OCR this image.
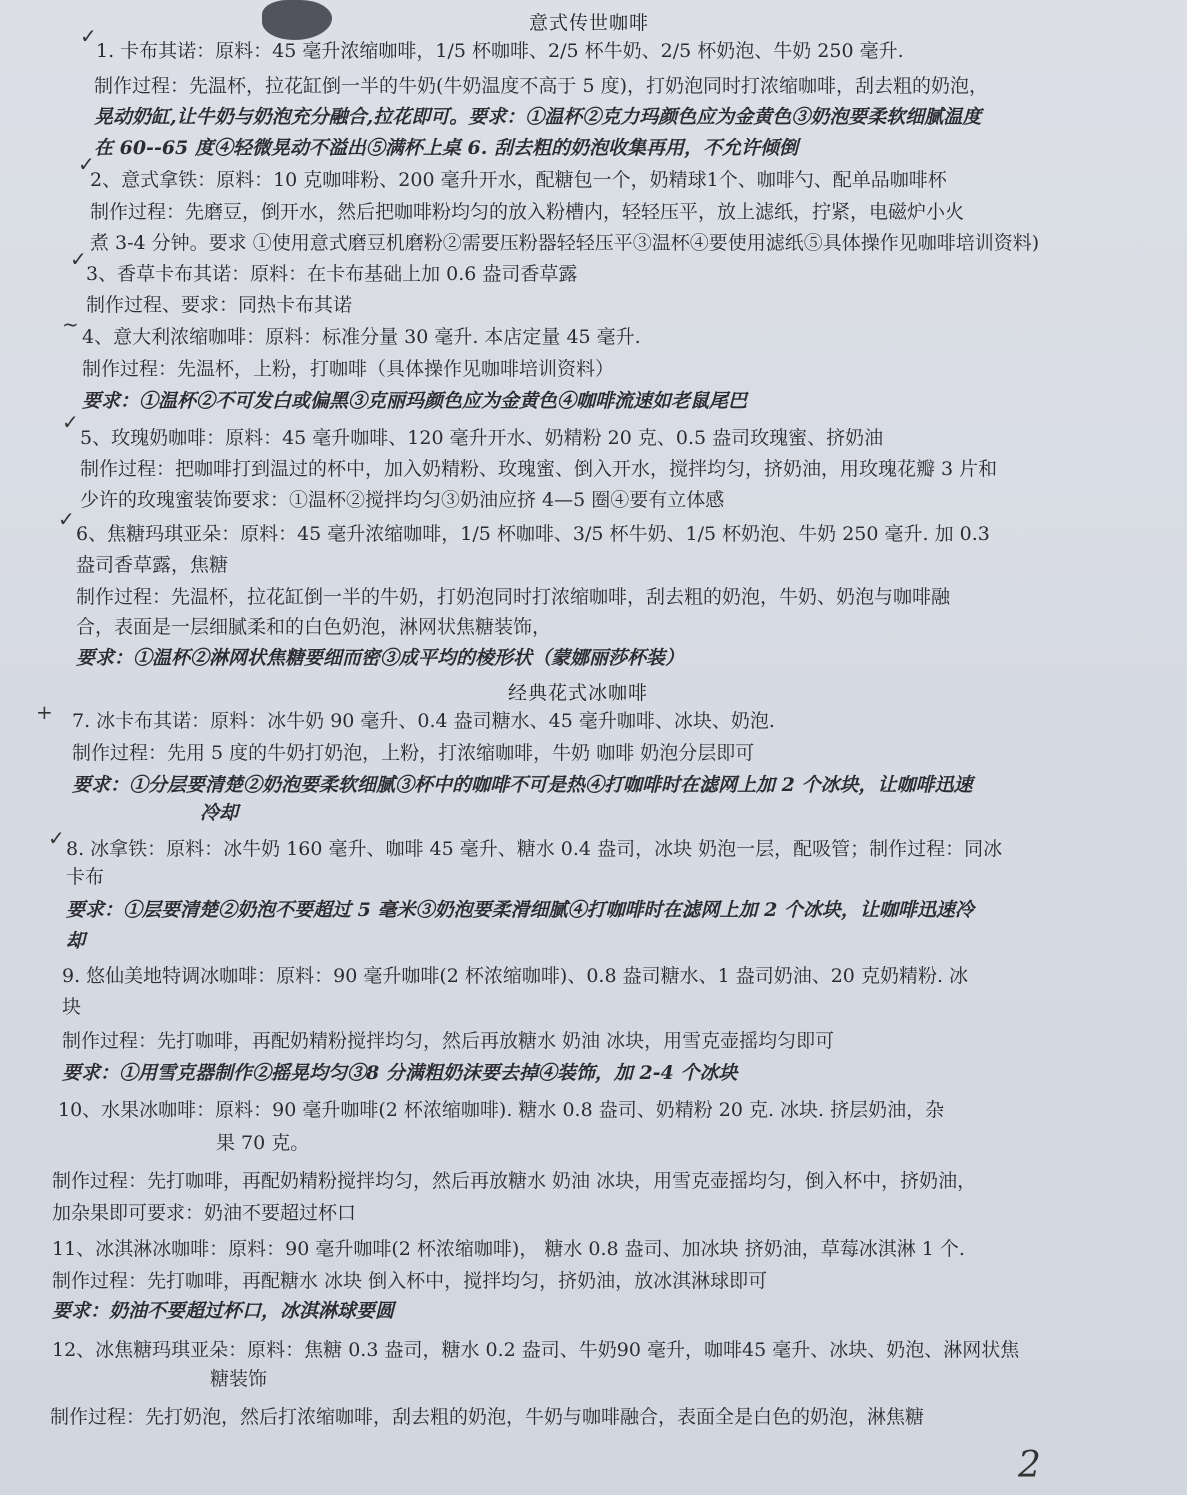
意式传世咖啡
✓
1. 卡布其诺：原料：45 毫升浓缩咖啡，1/5 杯咖啡、2/5 杯牛奶、2/5 杯奶泡、牛奶 250 毫升.
制作过程：先温杯，拉花缸倒一半的牛奶(牛奶温度不高于 5 度)，打奶泡同时打浓缩咖啡，刮去粗的奶泡，
晃动奶缸,让牛奶与奶泡充分融合,拉花即可。要求：①温杯②克力玛颜色应为金黄色③奶泡要柔软细腻温度
在 60--65 度④轻微晃动不溢出⑤满杯上桌 6. 刮去粗的奶泡收集再用，不允许倾倒
✓
2、意式拿铁：原料：10 克咖啡粉、200 毫升开水，配糖包一个，奶精球1个、咖啡勺、配单品咖啡杯
制作过程：先磨豆，倒开水，然后把咖啡粉均匀的放入粉槽内，轻轻压平，放上滤纸，拧紧，电磁炉小火
煮 3-4 分钟。要求 ①使用意式磨豆机磨粉②需要压粉器轻轻压平③温杯④要使用滤纸⑤具体操作见咖啡培训资料)
✓
3、香草卡布其诺：原料：在卡布基础上加 0.6 盎司香草露
制作过程、要求：同热卡布其诺
~
4、意大利浓缩咖啡：原料：标准分量 30 毫升. 本店定量 45 毫升.
制作过程：先温杯，上粉，打咖啡（具体操作见咖啡培训资料）
要求：①温杯②不可发白或偏黑③克丽玛颜色应为金黄色④咖啡流速如老鼠尾巴
✓
5、玫瑰奶咖啡：原料：45 毫升咖啡、120 毫升开水、奶精粉 20 克、0.5 盎司玫瑰蜜、挤奶油
制作过程：把咖啡打到温过的杯中，加入奶精粉、玫瑰蜜、倒入开水，搅拌均匀，挤奶油，用玫瑰花瓣 3 片和
少许的玫瑰蜜装饰要求：①温杯②搅拌均匀③奶油应挤 4—5 圈④要有立体感
✓
6、焦糖玛琪亚朵：原料：45 毫升浓缩咖啡，1/5 杯咖啡、3/5 杯牛奶、1/5 杯奶泡、牛奶 250 毫升. 加 0.3
盎司香草露，焦糖
制作过程：先温杯，拉花缸倒一半的牛奶，打奶泡同时打浓缩咖啡，刮去粗的奶泡，牛奶、奶泡与咖啡融
合，表面是一层细腻柔和的白色奶泡，淋网状焦糖装饰，
要求：①温杯②淋网状焦糖要细而密③成平均的棱形状（蒙娜丽莎杯装）
经典花式冰咖啡
+ 7. 冰卡布其诺：原料：冰牛奶 90 毫升、0.4 盎司糖水、45 毫升咖啡、冰块、奶泡.
制作过程：先用 5 度的牛奶打奶泡，上粉，打浓缩咖啡，牛奶 咖啡 奶泡分层即可
要求：①分层要清楚②奶泡要柔软细腻③杯中的咖啡不可是热④打咖啡时在滤网上加 2 个冰块，让咖啡迅速
冷却
✓ 8. 冰拿铁：原料：冰牛奶 160 毫升、咖啡 45 毫升、糖水 0.4 盎司，冰块 奶泡一层，配吸管；制作过程：同冰
卡布
要求：①层要清楚②奶泡不要超过 5 毫米③奶泡要柔滑细腻④打咖啡时在滤网上加 2 个冰块，让咖啡迅速冷
却
9. 悠仙美地特调冰咖啡：原料：90 毫升咖啡(2 杯浓缩咖啡)、0.8 盎司糖水、1 盎司奶油、20 克奶精粉. 冰
块
制作过程：先打咖啡，再配奶精粉搅拌均匀，然后再放糖水 奶油 冰块，用雪克壶摇均匀即可
要求：①用雪克器制作②摇晃均匀③8 分满粗奶沫要去掉④装饰，加 2-4 个冰块
10、水果冰咖啡：原料：90 毫升咖啡(2 杯浓缩咖啡). 糖水 0.8 盎司、奶精粉 20 克. 冰块. 挤层奶油，杂
果 70 克。
制作过程：先打咖啡，再配奶精粉搅拌均匀，然后再放糖水 奶油 冰块，用雪克壶摇均匀，倒入杯中，挤奶油，
加杂果即可要求：奶油不要超过杯口
11、冰淇淋冰咖啡：原料：90 毫升咖啡(2 杯浓缩咖啡)， 糖水 0.8 盎司、加冰块 挤奶油，草莓冰淇淋 1 个.
制作过程：先打咖啡，再配糖水 冰块 倒入杯中，搅拌均匀，挤奶油，放冰淇淋球即可
要求：奶油不要超过杯口，冰淇淋球要圆
12、冰焦糖玛琪亚朵：原料：焦糖 0.3 盎司，糖水 0.2 盎司、牛奶90 毫升，咖啡45 毫升、冰块、奶泡、淋网状焦
糖装饰
制作过程：先打奶泡，然后打浓缩咖啡，刮去粗的奶泡，牛奶与咖啡融合，表面全是白色的奶泡，淋焦糖
2
